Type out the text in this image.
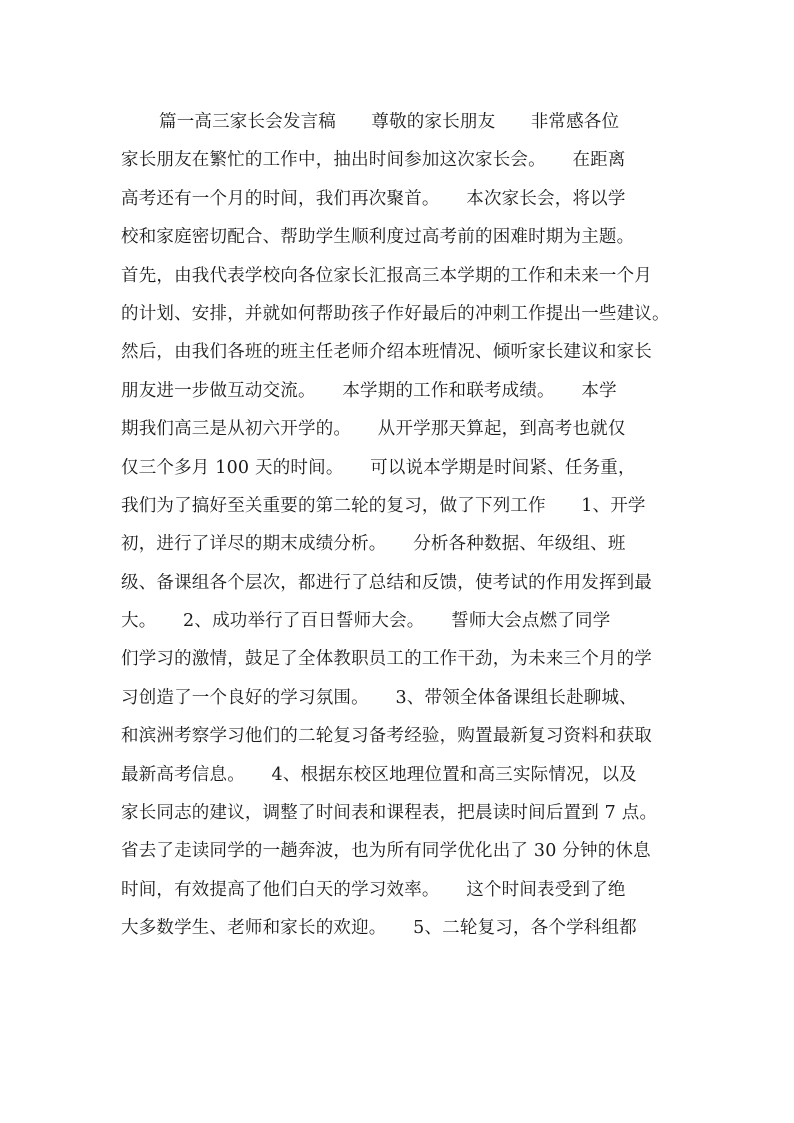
篇一高三家长会发言稿　　尊敬的家长朋友　　非常感各位
家长朋友在繁忙的工作中，抽出时间参加这次家长会。　　在距离
高考还有一个月的时间，我们再次聚首。　　本次家长会，将以学
校和家庭密切配合、帮助学生顺利度过高考前的困难时期为主题。
首先，由我代表学校向各位家长汇报高三本学期的工作和未来一个月
的计划、安排，并就如何帮助孩子作好最后的冲刺工作提出一些建议。
然后，由我们各班的班主任老师介绍本班情况、倾听家长建议和家长
朋友进一步做互动交流。　　本学期的工作和联考成绩。　　本学
期我们高三是从初六开学的。　　从开学那天算起，到高考也就仅
仅三个多月 100 天的时间。　　可以说本学期是时间紧、任务重，
我们为了搞好至关重要的第二轮的复习，做了下列工作　　1、开学
初，进行了详尽的期末成绩分析。　　分析各种数据、年级组、班
级、备课组各个层次，都进行了总结和反馈，使考试的作用发挥到最
大。　　2、成功举行了百日誓师大会。　　誓师大会点燃了同学
们学习的激情，鼓足了全体教职员工的工作干劲，为未来三个月的学
习创造了一个良好的学习氛围。　　3、带领全体备课组长赴聊城、
和滨洲考察学习他们的二轮复习备考经验，购置最新复习资料和获取
最新高考信息。　　4、根据东校区地理位置和高三实际情况，以及
家长同志的建议，调整了时间表和课程表，把晨读时间后置到 7 点。
省去了走读同学的一趟奔波，也为所有同学优化出了 30 分钟的休息
时间，有效提高了他们白天的学习效率。　　这个时间表受到了绝
大多数学生、老师和家长的欢迎。　　5、二轮复习，各个学科组都
